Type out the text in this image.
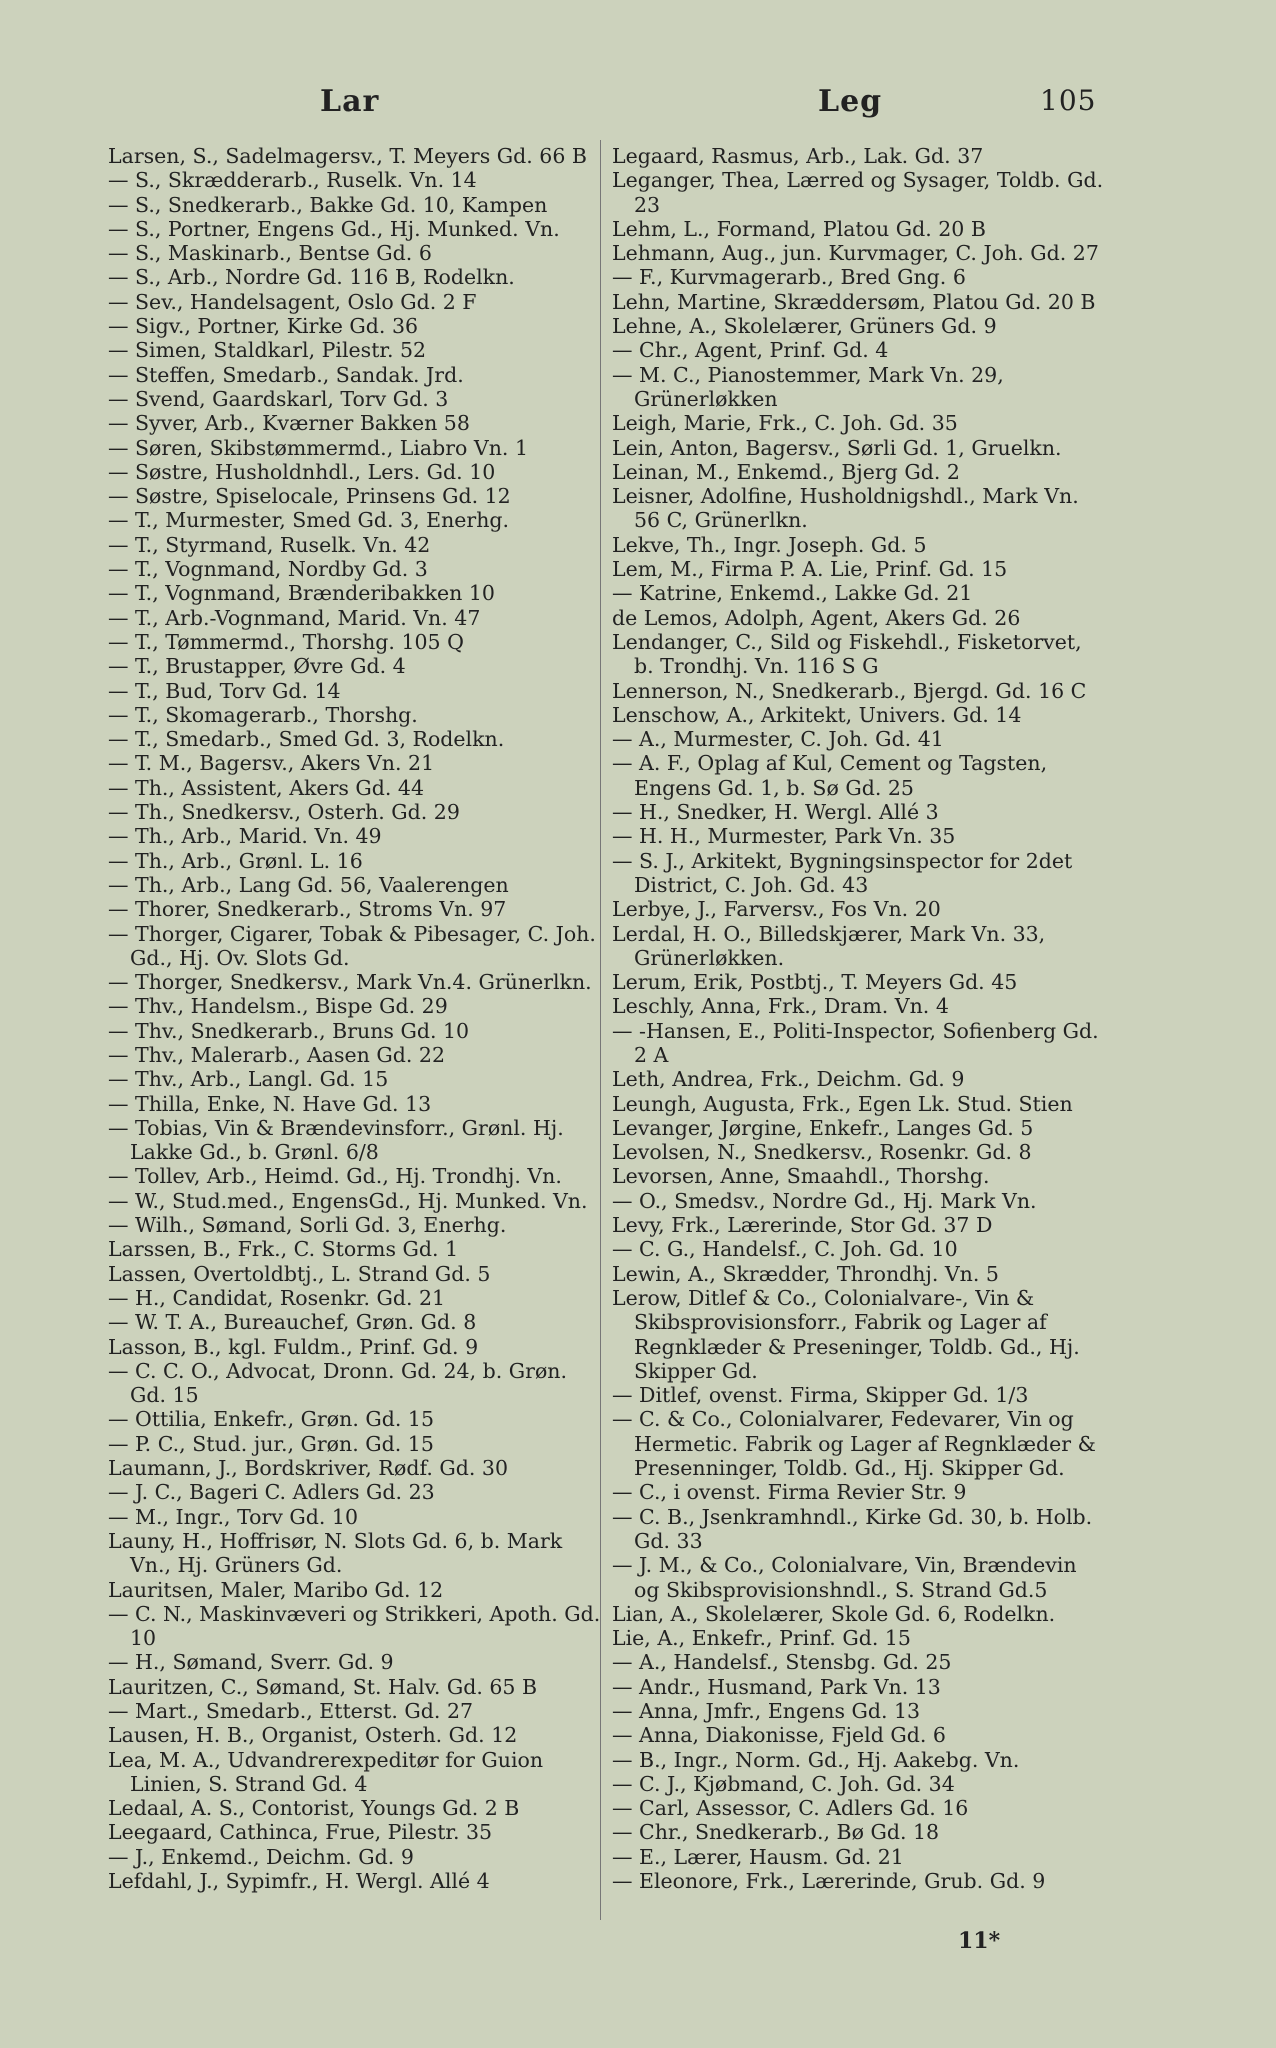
Lar	Leg	105

Larsen, S., Sadelmagersv., T. Meyers Gd. 66 B

— S., Skrædderarb., Ruselk. Vn. 14

— S., Snedkerarb., Bakke Gd. 10, Kampen

— S., Portner, Engens Gd., Hj. Munked. Vn.

— S., Maskinarb., Bentse Gd. 6

— S., Arb., Nordre Gd. 116 B, Rodelkn.

— Sev., Handelsagent, Oslo Gd. 2 F

— Sigv., Portner, Kirke Gd. 36

— Simen, Staldkarl, Pilestr. 52

— Steffen, Smedarb., Sandak. Jrd.

— Svend, Gaardskarl, Torv Gd. 3

— Syver, Arb., Kværner Bakken 58

— Søren, Skibstømmermd., Liabro Vn. 1

— Søstre, Husholdnhdl., Lers. Gd. 10

— Søstre, Spiselocale, Prinsens Gd. 12

— T., Murmester, Smed Gd. 3, Enerhg.

— T., Styrmand, Ruselk. Vn. 42

— T., Vognmand, Nordby Gd. 3

— T., Vognmand, Brænderibakken 10

— T., Arb.-Vognmand, Marid. Vn. 47

— T., Tømmermd., Thorshg. 105 Q

— T., Brustapper, Øvre Gd. 4

— T., Bud, Torv Gd. 14

— T., Skomagerarb., Thorshg.

— T., Smedarb., Smed Gd. 3, Rodelkn.

— T. M., Bagersv., Akers Vn. 21

— Th., Assistent, Akers Gd. 44

— Th., Snedkersv., Osterh. Gd. 29

— Th., Arb., Marid. Vn. 49

— Th., Arb., Grønl. L. 16

— Th., Arb., Lang Gd. 56, Vaalerengen

— Thorer, Snedkerarb., Stroms Vn. 97

— Thorger, Cigarer, Tobak & Pibesager, C. Joh. Gd., Hj. Ov. Slots Gd.

— Thorger, Snedkersv., Mark Vn.4. Grünerlkn.

— Thv., Handelsm., Bispe Gd. 29

— Thv., Snedkerarb., Bruns Gd. 10

— Thv., Malerarb., Aasen Gd. 22

— Thv., Arb., Langl. Gd. 15

— Thilla, Enke, N. Have Gd. 13

— Tobias, Vin & Brændevinsforr., Grønl. Hj. Lakke Gd., b. Grønl. 6/8

— Tollev, Arb., Heimd. Gd., Hj. Trondhj. Vn.

— W., Stud.med., EngensGd., Hj. Munked. Vn.

— Wilh., Sømand, Sorli Gd. 3, Enerhg.

Larssen, B., Frk., C. Storms Gd. 1

Lassen, Overtoldbtj., L. Strand Gd. 5

— H., Candidat, Rosenkr. Gd. 21

— W. T. A., Bureauchef, Grøn. Gd. 8

Lasson, B., kgl. Fuldm., Prinf. Gd. 9

— C. C. O., Advocat, Dronn. Gd. 24, b. Grøn. Gd. 15

— Ottilia, Enkefr., Grøn. Gd. 15

— P. C., Stud. jur., Grøn. Gd. 15

Laumann, J., Bordskriver, Rødf. Gd. 30

— J. C., Bageri C. Adlers Gd. 23

— M., Ingr., Torv Gd. 10

Launy, H., Hoffrisør, N. Slots Gd. 6, b. Mark Vn., Hj. Grüners Gd.

Lauritsen, Maler, Maribo Gd. 12

— C. N., Maskinvæveri og Strikkeri, Apoth. Gd. 10

— H., Sømand, Sverr. Gd. 9

Lauritzen, C., Sømand, St. Halv. Gd. 65 B

— Mart., Smedarb., Etterst. Gd. 27

Lausen, H. B., Organist, Osterh. Gd. 12

Lea, M. A., Udvandrerexpeditør for Guion Linien, S. Strand Gd. 4

Ledaal, A. S., Contorist, Youngs Gd. 2 B

Leegaard, Cathinca, Frue, Pilestr. 35

— J., Enkemd., Deichm. Gd. 9

Lefdahl, J., Sypimfr., H. Wergl. Allé 4

Legaard, Rasmus, Arb., Lak. Gd. 37

Leganger, Thea, Lærred og Sysager, Toldb. Gd. 23

Lehm, L., Formand, Platou Gd. 20 B

Lehmann, Aug., jun. Kurvmager, C. Joh. Gd. 27

— F., Kurvmagerarb., Bred Gng. 6

Lehn, Martine, Skræddersøm, Platou Gd. 20 B

Lehne, A., Skolelærer, Grüners Gd. 9

— Chr., Agent, Prinf. Gd. 4

— M. C., Pianostemmer, Mark Vn. 29, Grünerløkken

Leigh, Marie, Frk., C. Joh. Gd. 35

Lein, Anton, Bagersv., Sørli Gd. 1, Gruelkn.

Leinan, M., Enkemd., Bjerg Gd. 2

Leisner, Adolfine, Husholdnigshdl., Mark Vn. 56 C, Grünerlkn.

Lekve, Th., Ingr. Joseph. Gd. 5

Lem, M., Firma P. A. Lie, Prinf. Gd. 15

— Katrine, Enkemd., Lakke Gd. 21

de Lemos, Adolph, Agent, Akers Gd. 26

Lendanger, C., Sild og Fiskehdl., Fisketorvet, b. Trondhj. Vn. 116 S G

Lennerson, N., Snedkerarb., Bjergd. Gd. 16 C

Lenschow, A., Arkitekt, Univers. Gd. 14

— A., Murmester, C. Joh. Gd. 41

— A. F., Oplag af Kul, Cement og Tagsten, Engens Gd. 1, b. Sø Gd. 25

— H., Snedker, H. Wergl. Allé 3

— H. H., Murmester, Park Vn. 35

— S. J., Arkitekt, Bygningsinspector for 2det District, C. Joh. Gd. 43

Lerbye, J., Farversv., Fos Vn. 20

Lerdal, H. O., Billedskjærer, Mark Vn. 33, Grünerløkken.

Lerum, Erik, Postbtj., T. Meyers Gd. 45

Leschly, Anna, Frk., Dram. Vn. 4

— -Hansen, E., Politi-Inspector, Sofienberg Gd. 2 A

Leth, Andrea, Frk., Deichm. Gd. 9

Leungh, Augusta, Frk., Egen Lk. Stud. Stien

Levanger, Jørgine, Enkefr., Langes Gd. 5

Levolsen, N., Snedkersv., Rosenkr. Gd. 8

Levorsen, Anne, Smaahdl., Thorshg.

— O., Smedsv., Nordre Gd., Hj. Mark Vn.

Levy, Frk., Lærerinde, Stor Gd. 37 D

— C. G., Handelsf., C. Joh. Gd. 10

Lewin, A., Skrædder, Throndhj. Vn. 5

Lerow, Ditlef & Co., Colonialvare-, Vin & Skibsprovisionsforr., Fabrik og Lager af Regnklæder & Preseninger, Toldb. Gd., Hj. Skipper Gd.

— Ditlef, ovenst. Firma, Skipper Gd. 1/3

— C. & Co., Colonialvarer, Fedevarer, Vin og Hermetic. Fabrik og Lager af Regnklæder & Presenninger, Toldb. Gd., Hj. Skipper Gd.

— C., i ovenst. Firma Revier Str. 9

— C. B., Jsenkramhndl., Kirke Gd. 30, b. Holb. Gd. 33

— J. M., & Co., Colonialvare, Vin, Brændevin og Skibsprovisionshndl., S. Strand Gd.5

Lian, A., Skolelærer, Skole Gd. 6, Rodelkn.

Lie, A., Enkefr., Prinf. Gd. 15

— A., Handelsf., Stensbg. Gd. 25

— Andr., Husmand, Park Vn. 13

— Anna, Jmfr., Engens Gd. 13

— Anna, Diakonisse, Fjeld Gd. 6

— B., Ingr., Norm. Gd., Hj. Aakebg. Vn.

— C. J., Kjøbmand, C. Joh. Gd. 34

— Carl, Assessor, C. Adlers Gd. 16

— Chr., Snedkerarb., Bø Gd. 18

— E., Lærer, Hausm. Gd. 21

— Eleonore, Frk., Lærerinde, Grub. Gd. 9

11*
